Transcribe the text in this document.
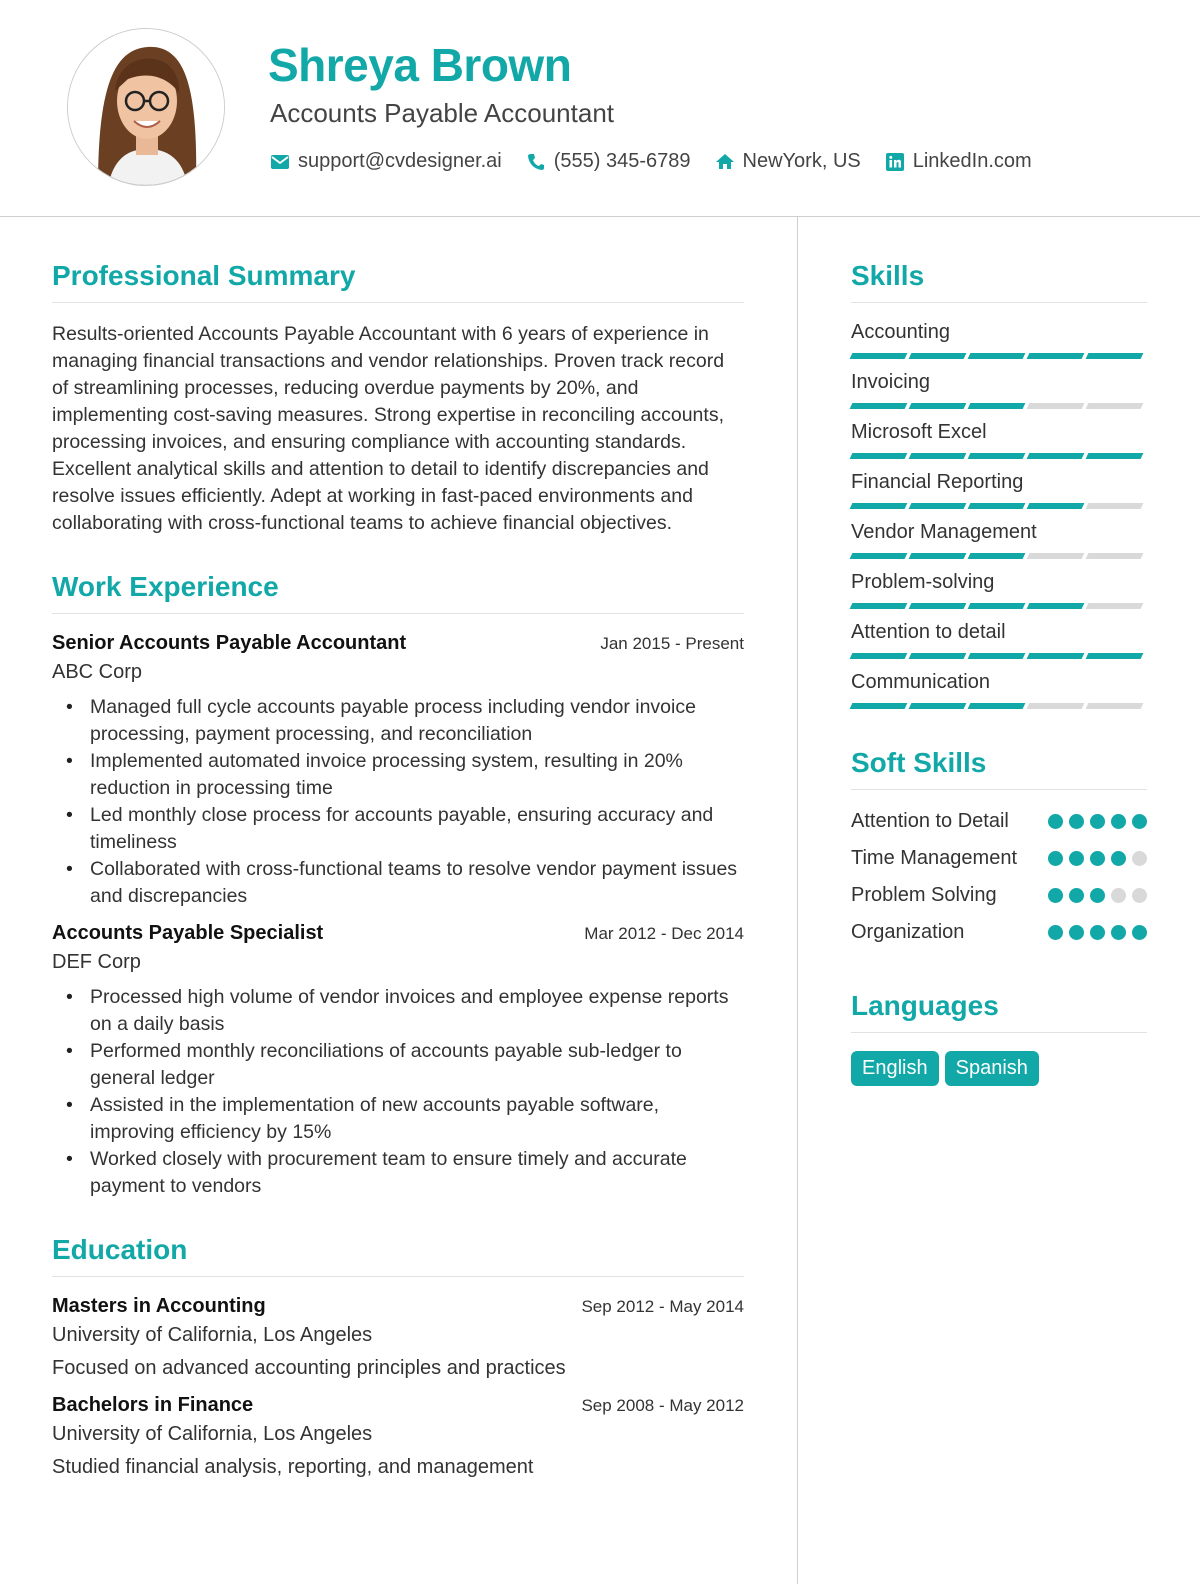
Shreya Brown
Accounts Payable Accountant
support@cvdesigner.ai	(555) 345-6789	NewYork, US	LinkedIn.com
Professional Summary
Results-oriented Accounts Payable Accountant with 6 years of experience in managing financial transactions and vendor relationships. Proven track record of streamlining processes, reducing overdue payments by 20%, and implementing cost-saving measures. Strong expertise in reconciling accounts, processing invoices, and ensuring compliance with accounting standards. Excellent analytical skills and attention to detail to identify discrepancies and resolve issues efficiently. Adept at working in fast-paced environments and collaborating with cross-functional teams to achieve financial objectives.
Work Experience
Senior Accounts Payable Accountant	Jan 2015 - Present
ABC Corp
• Managed full cycle accounts payable process including vendor invoice processing, payment processing, and reconciliation
• Implemented automated invoice processing system, resulting in 20% reduction in processing time
• Led monthly close process for accounts payable, ensuring accuracy and timeliness
• Collaborated with cross-functional teams to resolve vendor payment issues and discrepancies
Accounts Payable Specialist	Mar 2012 - Dec 2014
DEF Corp
• Processed high volume of vendor invoices and employee expense reports on a daily basis
• Performed monthly reconciliations of accounts payable sub-ledger to general ledger
• Assisted in the implementation of new accounts payable software, improving efficiency by 15%
• Worked closely with procurement team to ensure timely and accurate payment to vendors
Education
Masters in Accounting	Sep 2012 - May 2014
University of California, Los Angeles
Focused on advanced accounting principles and practices
Bachelors in Finance	Sep 2008 - May 2012
University of California, Los Angeles
Studied financial analysis, reporting, and management
Skills
Accounting
Invoicing
Microsoft Excel
Financial Reporting
Vendor Management
Problem-solving
Attention to detail
Communication
Soft Skills
Attention to Detail
Time Management
Problem Solving
Organization
Languages
English	Spanish
